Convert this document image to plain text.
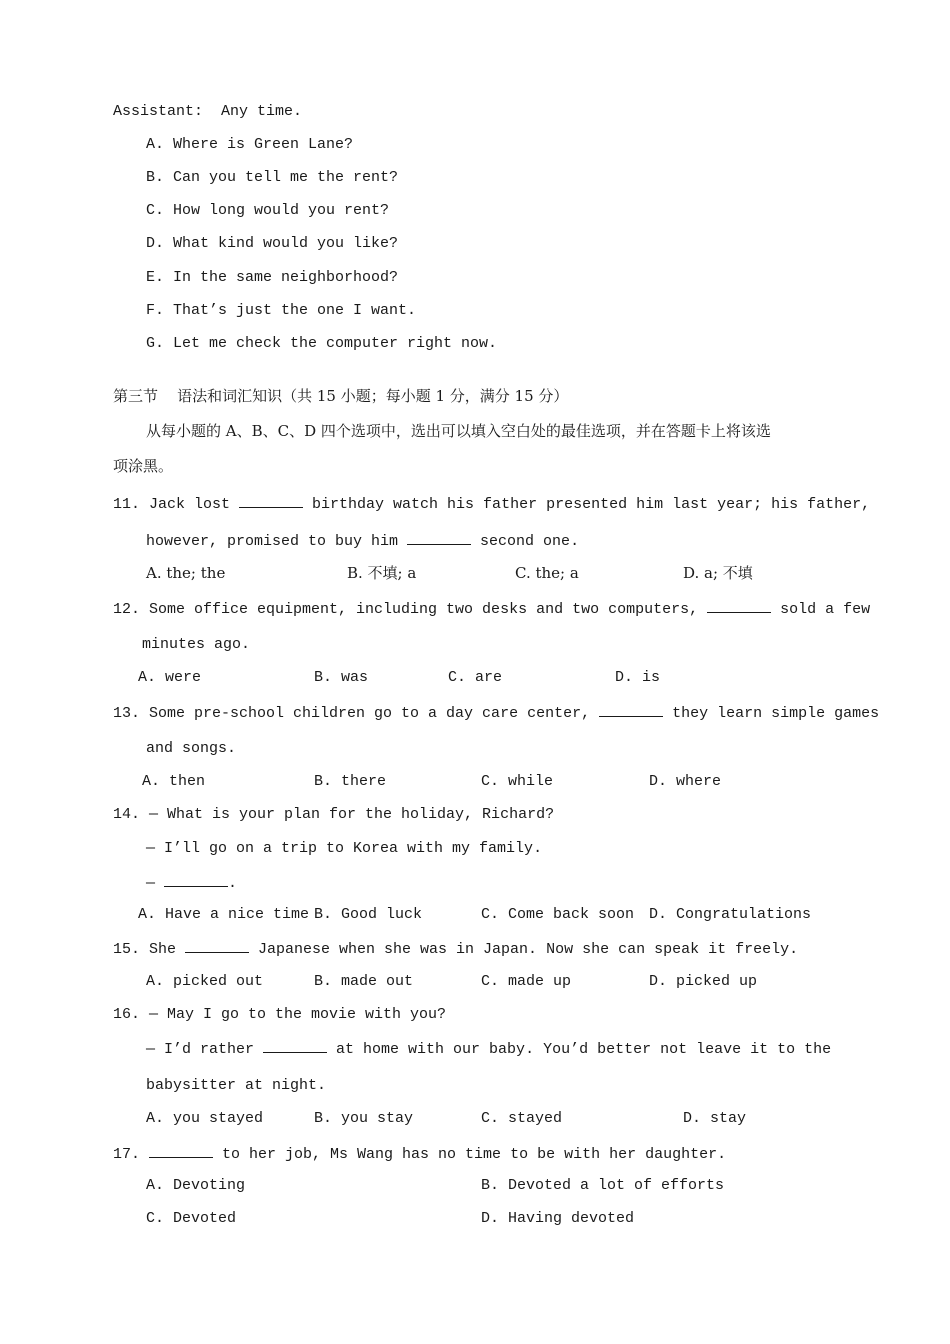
Assistant:  Any time.
A. Where is Green Lane?
B. Can you tell me the rent?
C. How long would you rent?
D. What kind would you like?
E. In the same neighborhood?
F. That’s just the one I want.
G. Let me check the computer right now.
第三节    语法和词汇知识（共 15 小题；每小题 1 分，满分 15 分）
从每小题的 A、B、C、D 四个选项中，选出可以填入空白处的最佳选项，并在答题卡上将该选
项涂黑。
11. Jack lost	birthday watch his father presented him last year; his father,
however, promised to buy him	second one.
A. the; the	B. 不填; a	C. the; a	D. a; 不填
12. Some office equipment, including two desks and two computers,	sold a few
minutes ago.
A. were	B. was	C. are	D. is
13. Some pre-school children go to a day care center,	they learn simple games
and songs.
A. then	B. there	C. while	D. where
14. — What is your plan for the holiday, Richard?
— I’ll go on a trip to Korea with my family.
—	.
A. Have a nice time B. Good luck	C. Come back soon D. Congratulations
15. She	Japanese when she was in Japan. Now she can speak it freely.
A. picked out	B. made out	C. made up	D. picked up
16. — May I go to the movie with you?
— I’d rather	at home with our baby. You’d better not leave it to the
babysitter at night.
A. you stayed	B. you stay	C. stayed	D. stay
17.	to her job, Ms Wang has no time to be with her daughter.
A. Devoting	B. Devoted a lot of efforts
C. Devoted	D. Having devoted
